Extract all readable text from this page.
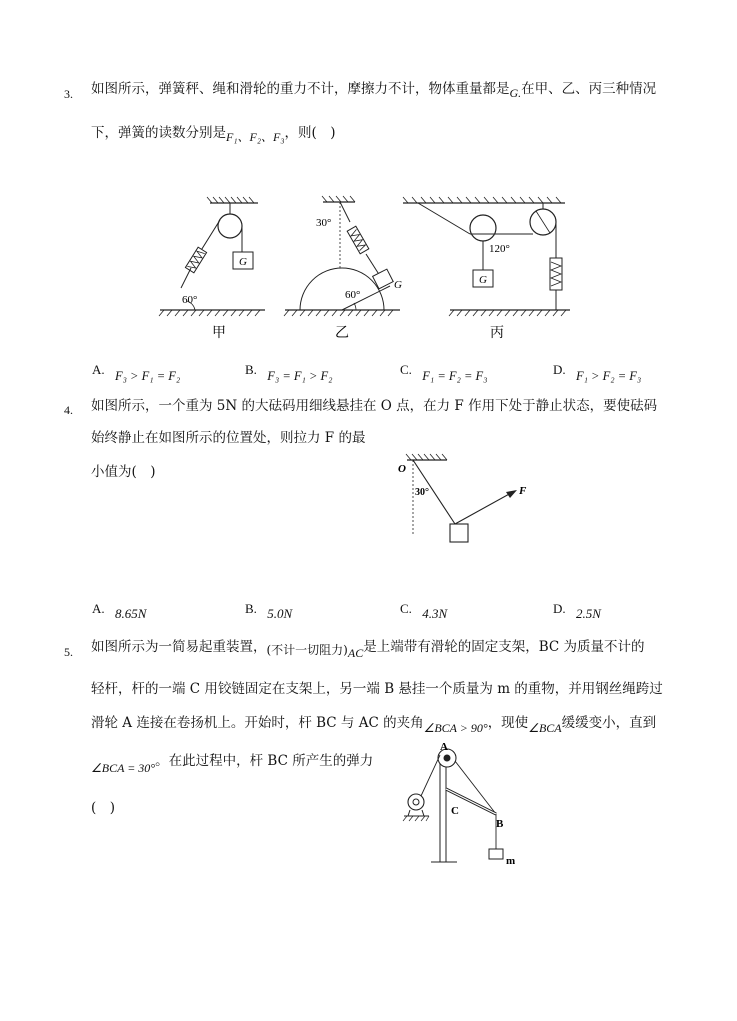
3. 如图所示，弹簧秤、绳和滑轮的重力不计，摩擦力不计，物体重量都是G.在甲、乙、丙三种情况
下，弹簧的读数分别是F₁、F₂、F₃，则(　)
G
60°
甲
30°
G
60°
乙
G
120°
丙
A. F₃ > F₁ = F₂	B. F₃ = F₁ > F₂	C. F₁ = F₂ = F₃	D. F₁ > F₂ = F₃
4. 如图所示，一个重为 5N 的大砝码用细线悬挂在 O 点，在力 F 作用下处于静止状态，要使砝码
始终静止在如图所示的位置处，则拉力 F 的最
小值为(　)	O
30°	F
A. 8.65N	B. 5.0N	C. 4.3N	D. 2.5N
5. 如图所示为一简易起重装置，(不计一切阻力)AC是上端带有滑轮的固定支架，BC 为质量不计的
轻杆，杆的一端 C 用铰链固定在支架上，另一端 B 悬挂一个质量为 m 的重物，并用钢丝绳跨过
滑轮 A 连接在卷扬机上。开始时，杆 BC 与 AC 的夹角∠BCA > 90°，现使∠BCA缓缓变小，直到
∠BCA = 30°。在此过程中，杆 BC 所产生的弹力
(　)
A
C
B
m
